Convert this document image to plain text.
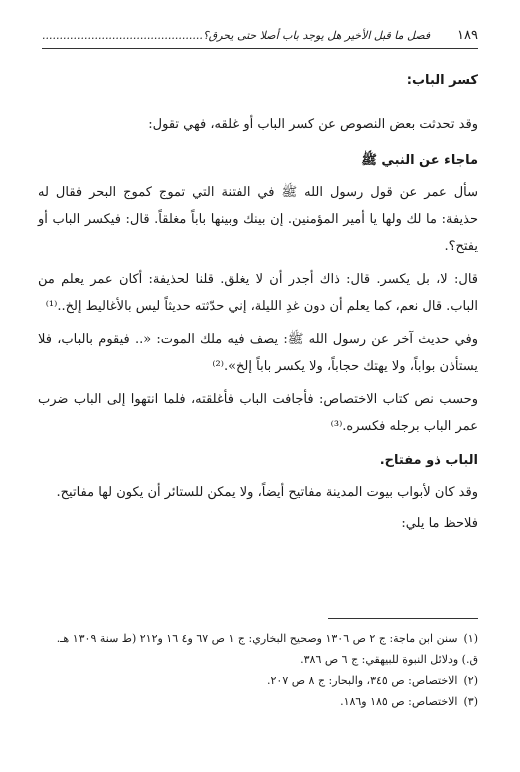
١٨٩
فصل ما قبل الأخير هل يوجد باب أصلا حتى يحرق؟..............................................

كسر الباب:

وقد تحدثت بعض النصوص عن كسر الباب أو غلقه، فهي تقول:

ماجاء عن النبي ﷺ

سأل عمر عن قول رسول الله ﷺ في الفتنة التي تموج كموج البحر فقال له حذيفة: ما لك ولها يا أمير المؤمنين. إن بينك وبينها باباً مغلقاً. قال: فيكسر الباب أو يفتح؟.

قال: لا، بل يكسر. قال: ذاك أجدر أن لا يغلق. قلنا لحذيفة: أكان عمر يعلم من الباب. قال نعم، كما يعلم أن دون غدِ الليلة، إني حدّثته حديثاً ليس بالأغاليط إلخ..⁽¹⁾

وفي حديث آخر عن رسول الله ﷺ: يصف فيه ملك الموت: «.. فيقوم بالباب، فلا يستأذن بواباً، ولا يهتك حجاباً، ولا يكسر باباً إلخ».⁽²⁾

وحسب نص كتاب الاختصاص: فأجافت الباب فأغلقته، فلما انتهوا إلى الباب ضرب عمر الباب برجله فكسره.⁽³⁾

الباب ذو مفتاح.

وقد كان لأبواب بيوت المدينة مفاتيح أيضاً، ولا يمكن للستائر أن يكون لها مفاتيح.

فلاحظ ما يلي:

(١)سنن ابن ماجة: ج ٢ ص ١٣٠٦ وصحيح البخاري: ج ١ ص ٦٧ و٤ ١٦ و٢١٢ (ط سنة ١٣٠٩ هـ. ق.) ودلائل النبوة للبيهقي: ج ٦ ص ٣٨٦.

(٢)الاختصاص: ص ٣٤٥، والبحار: ج ٨ ص ٢٠٧.

(٣)الاختصاص: ص ١٨٥ و١٨٦.
